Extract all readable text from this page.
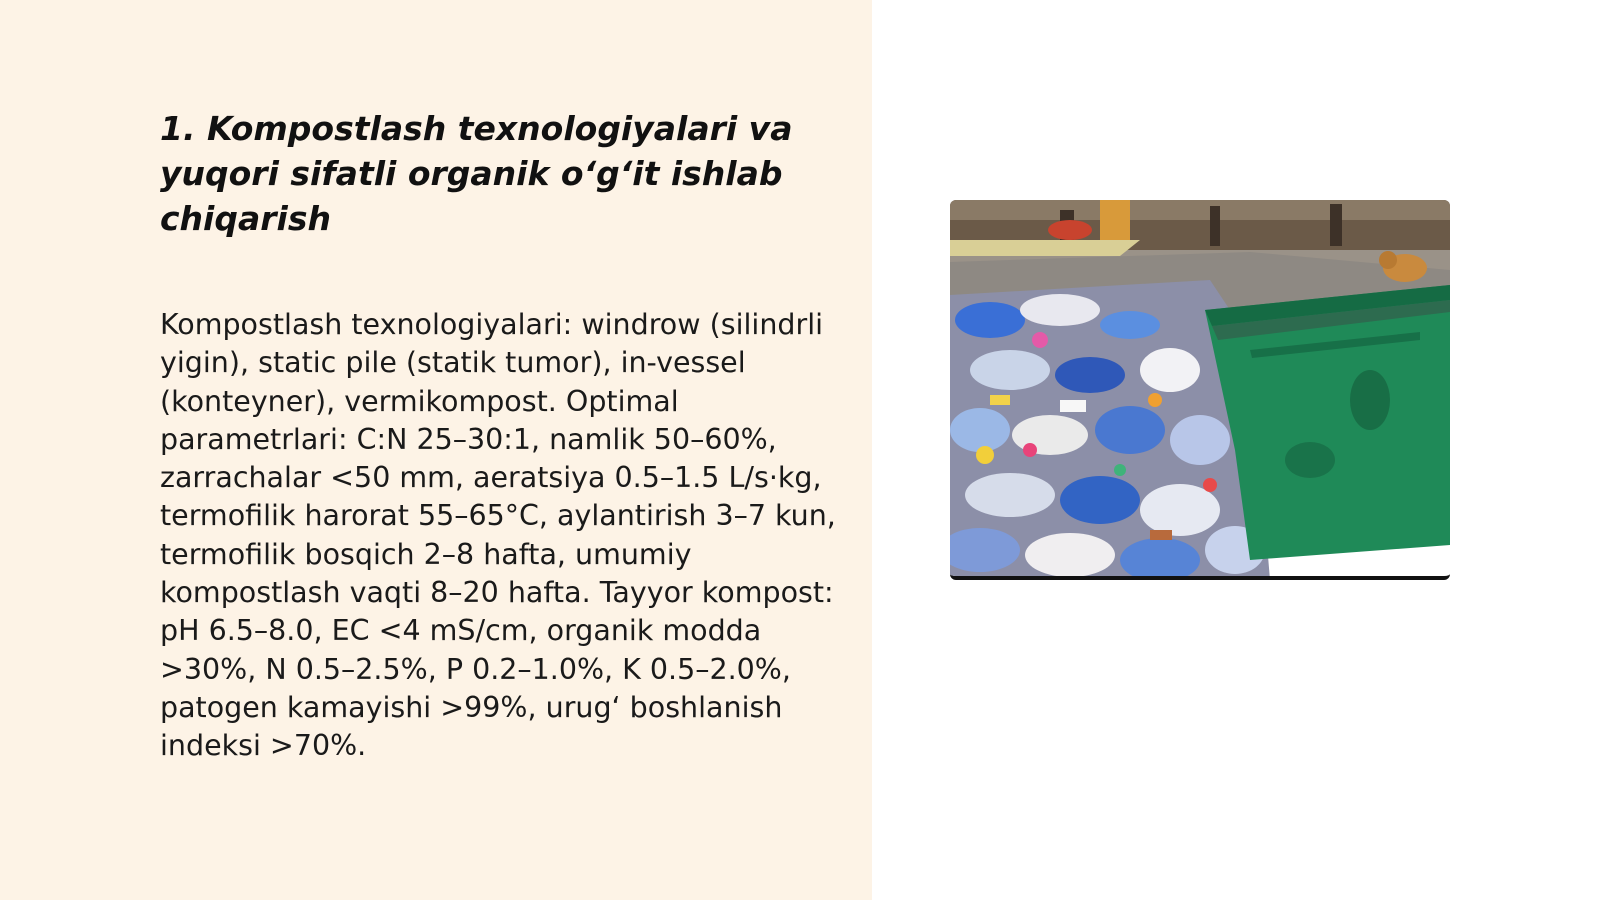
1. Kompostlash texnologiyalari va yuqori sifatli organik o‘g‘it ishlab chiqarish

Kompostlash texnologiyalari: windrow (silindrli yigin), static pile (statik tumor), in-vessel (konteyner), vermikompost. Optimal parametrlari: C:N 25–30:1, namlik 50–60%, zarrachalar <50 mm, aeratsiya 0.5–1.5 L/s·kg, termofilik harorat 55–65°C, aylantirish 3–7 kun, termofilik bosqich 2–8 hafta, umumiy kompostlash vaqti 8–20 hafta. Tayyor kompost: pH 6.5–8.0, EC <4 mS/cm, organik modda >30%, N 0.5–2.5%, P 0.2–1.0%, K 0.5–2.0%, patogen kamayishi >99%, urug‘ boshlanish indeksi >70%.
